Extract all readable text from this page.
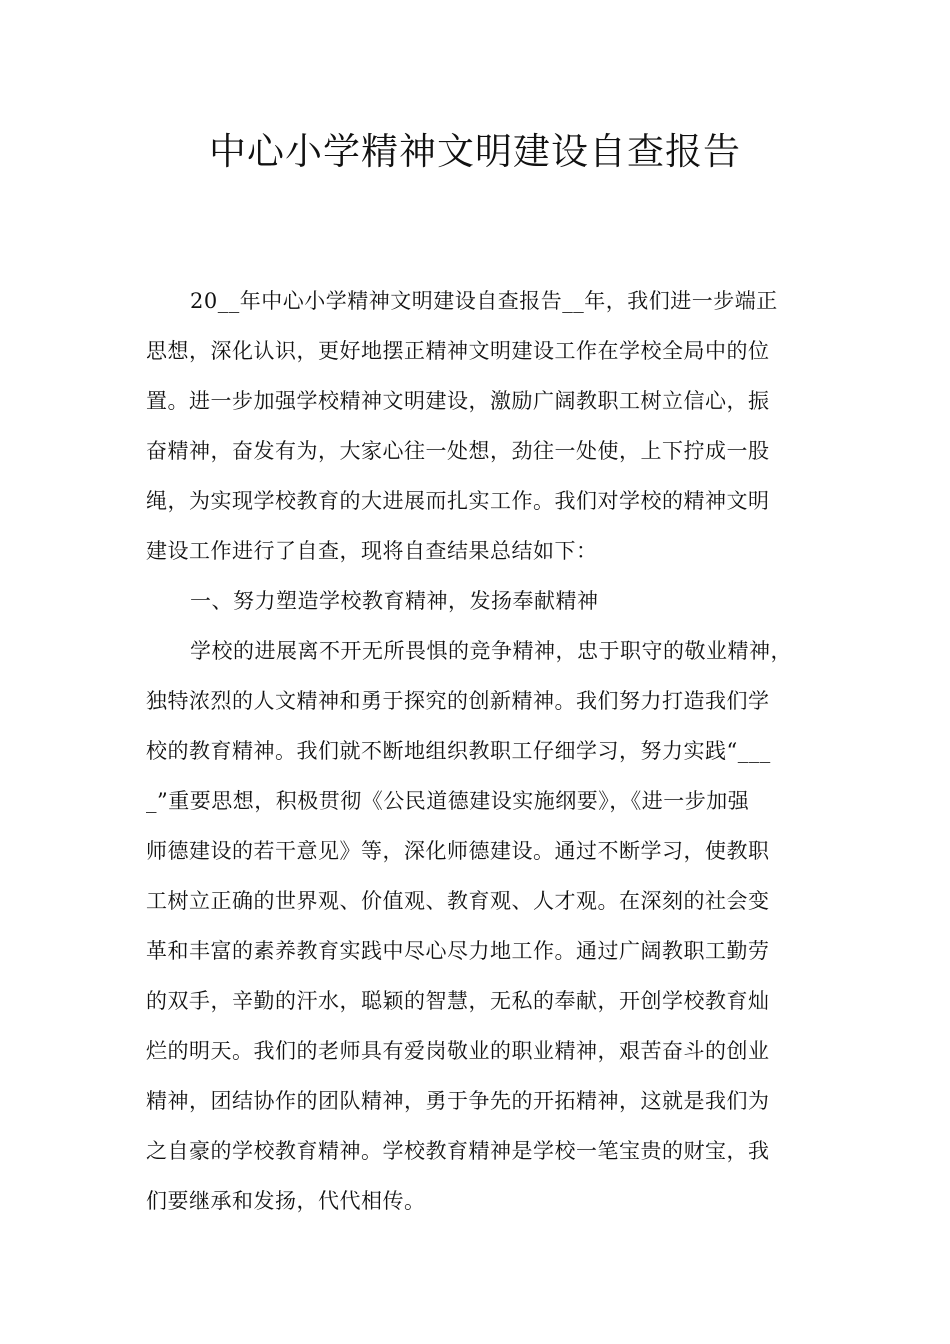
中心小学精神文明建设自查报告
20__年中心小学精神文明建设自查报告__年，我们进一步端正
思想，深化认识，更好地摆正精神文明建设工作在学校全局中的位
置。进一步加强学校精神文明建设，激励广阔教职工树立信心，振
奋精神，奋发有为，大家心往一处想，劲往一处使，上下拧成一股
绳，为实现学校教育的大进展而扎实工作。我们对学校的精神文明
建设工作进行了自查，现将自查结果总结如下：
一、努力塑造学校教育精神，发扬奉献精神
学校的进展离不开无所畏惧的竞争精神，忠于职守的敬业精神，
独特浓烈的人文精神和勇于探究的创新精神。我们努力打造我们学
校的教育精神。我们就不断地组织教职工仔细学习，努力实践“___
_”重要思想，积极贯彻《公民道德建设实施纲要》，《进一步加强
师德建设的若干意见》等，深化师德建设。通过不断学习，使教职
工树立正确的世界观、价值观、教育观、人才观。在深刻的社会变
革和丰富的素养教育实践中尽心尽力地工作。通过广阔教职工勤劳
的双手，辛勤的汗水，聪颖的智慧，无私的奉献，开创学校教育灿
烂的明天。我们的老师具有爱岗敬业的职业精神，艰苦奋斗的创业
精神，团结协作的团队精神，勇于争先的开拓精神，这就是我们为
之自豪的学校教育精神。学校教育精神是学校一笔宝贵的财宝，我
们要继承和发扬，代代相传。
